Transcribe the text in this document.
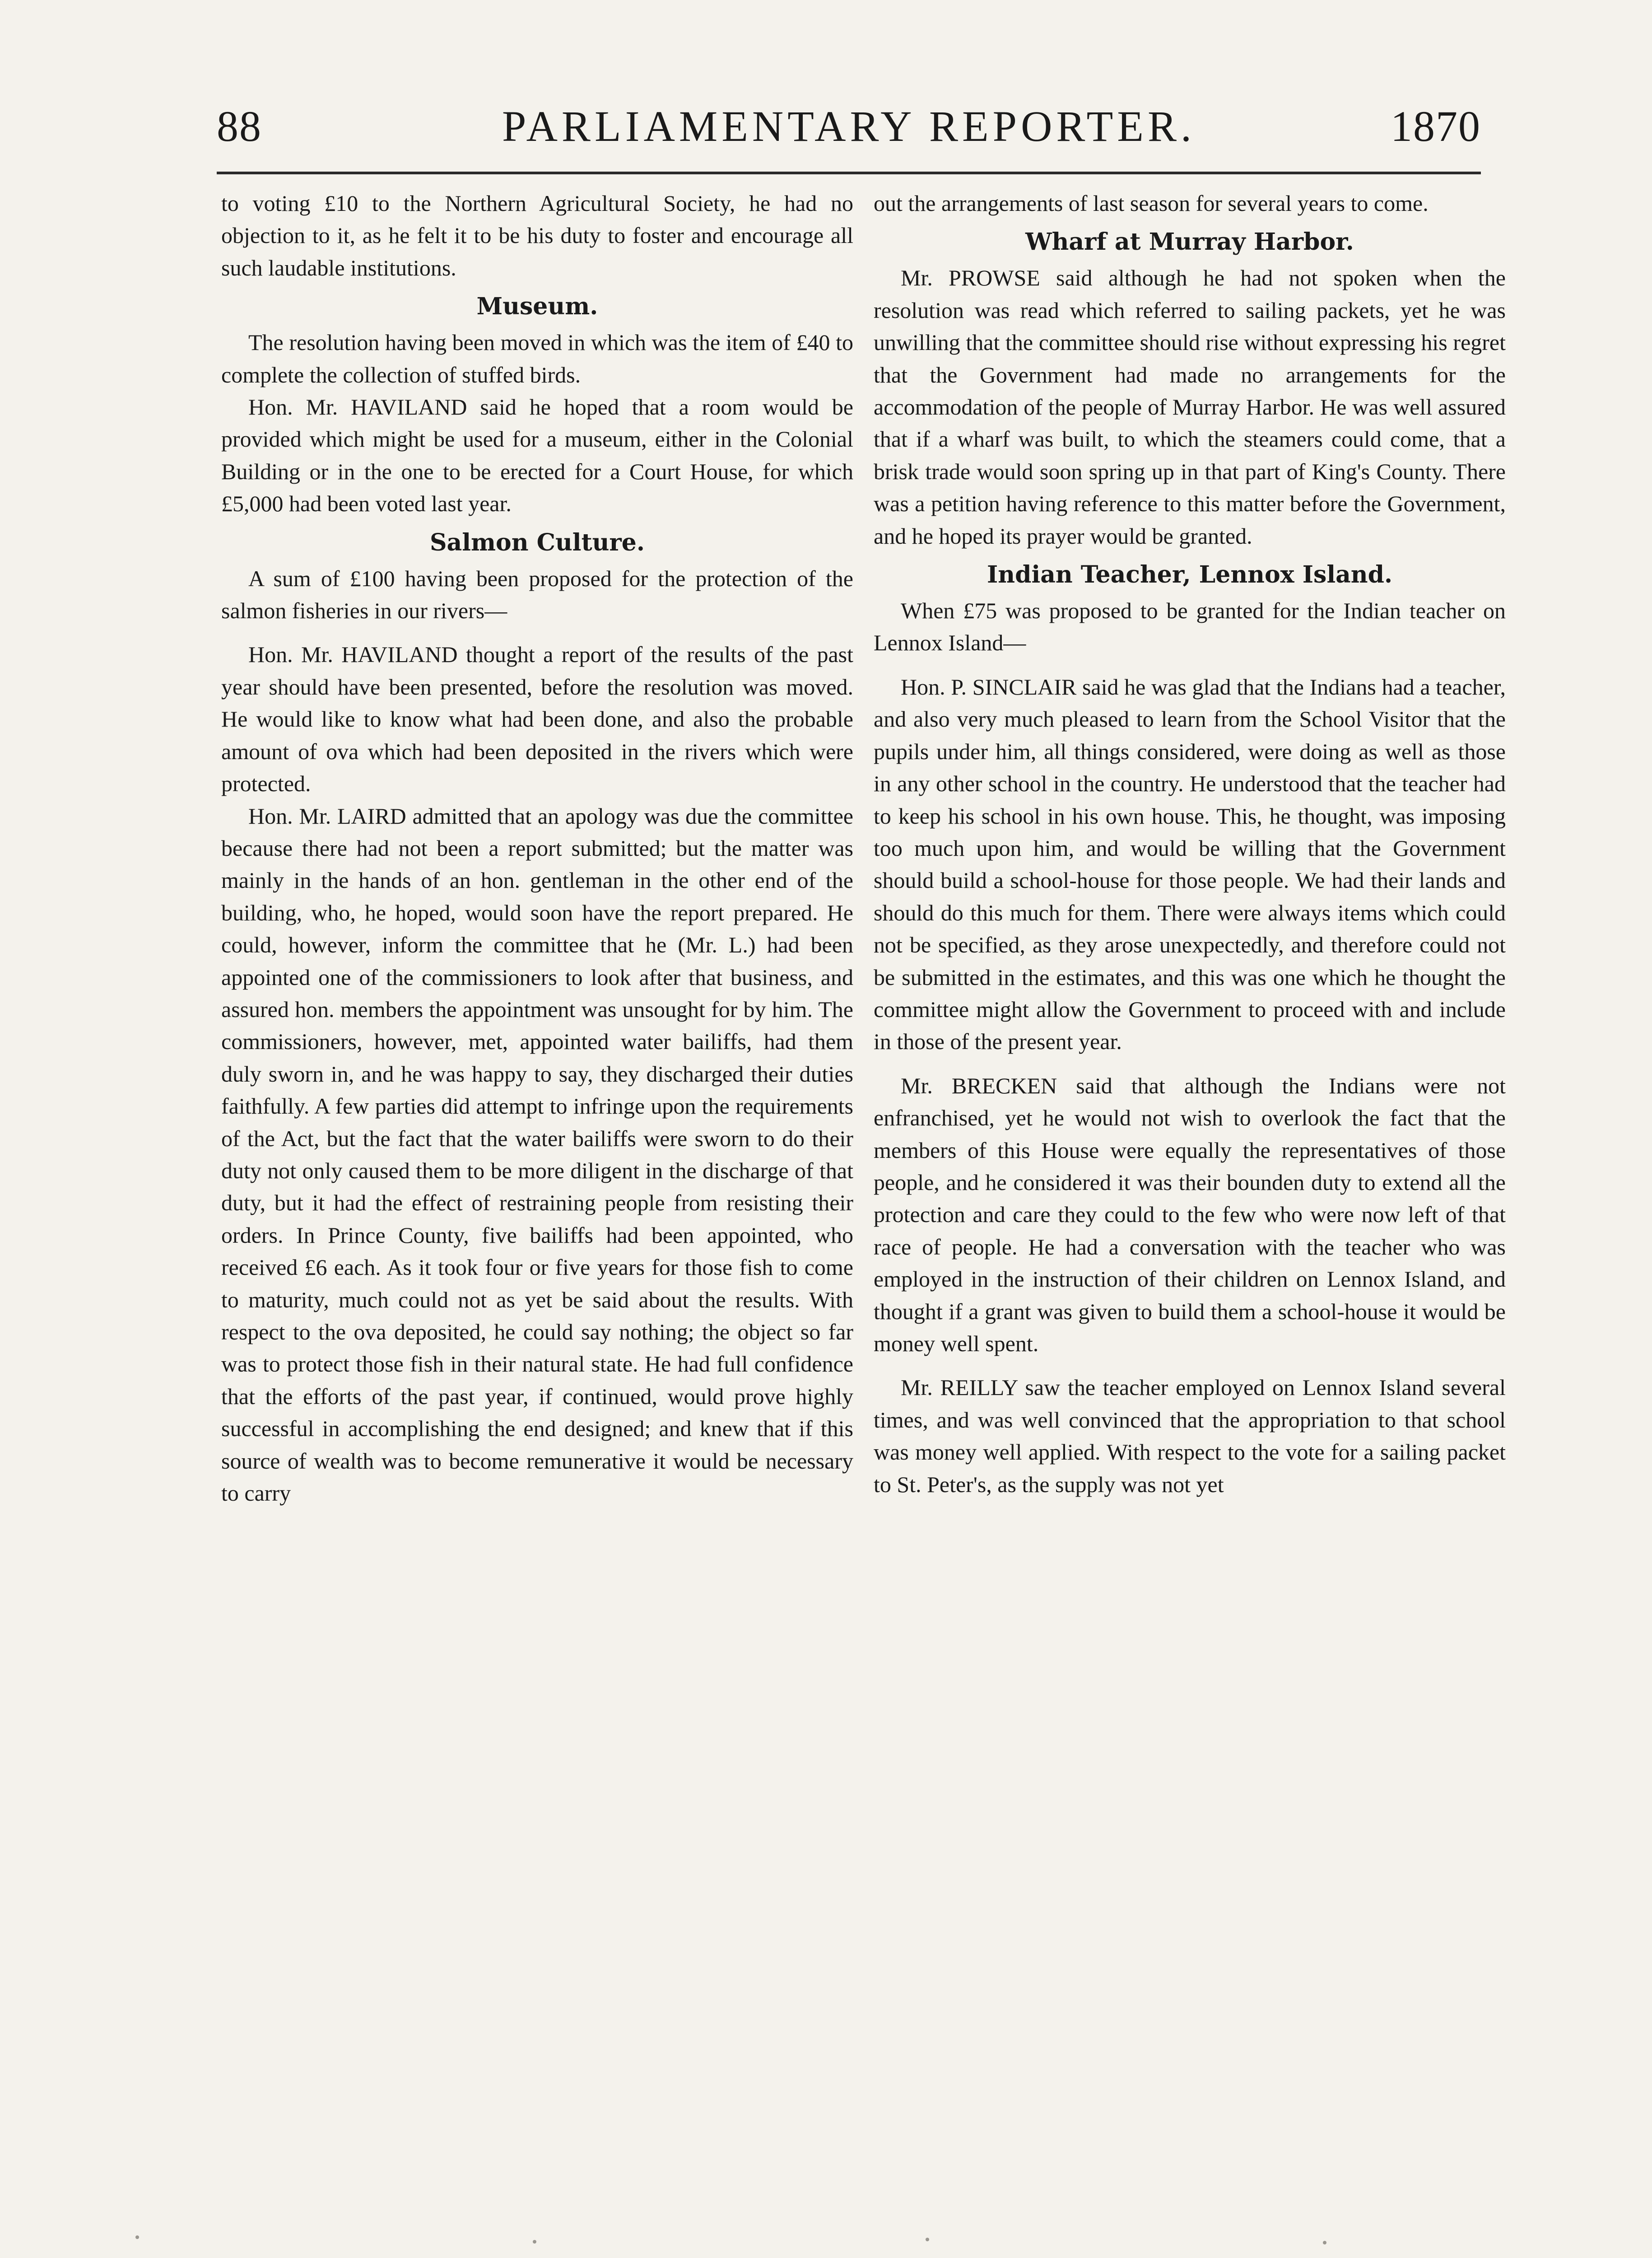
88	PARLIAMENTARY REPORTER.	1870

to voting £10 to the Northern Agricultural Society, he had no objection to it, as he felt it to be his duty to foster and encourage all such laudable institutions.

Museum.

The resolution having been moved in which was the item of £40 to complete the collection of stuffed birds.

Hon. Mr. HAVILAND said he hoped that a room would be provided which might be used for a museum, either in the Colonial Building or in the one to be erected for a Court House, for which £5,000 had been voted last year.

Salmon Culture.

A sum of £100 having been proposed for the protection of the salmon fisheries in our rivers—

Hon. Mr. HAVILAND thought a report of the results of the past year should have been presented, before the resolution was moved. He would like to know what had been done, and also the probable amount of ova which had been deposited in the rivers which were protected.

Hon. Mr. LAIRD admitted that an apology was due the committee because there had not been a report submitted; but the matter was mainly in the hands of an hon. gentleman in the other end of the building, who, he hoped, would soon have the report prepared. He could, however, inform the committee that he (Mr. L.) had been appointed one of the commissioners to look after that business, and assured hon. members the appointment was unsought for by him. The commissioners, however, met, appointed water bailiffs, had them duly sworn in, and he was happy to say, they discharged their duties faithfully. A few parties did attempt to infringe upon the requirements of the Act, but the fact that the water bailiffs were sworn to do their duty not only caused them to be more diligent in the discharge of that duty, but it had the effect of restraining people from resisting their orders. In Prince County, five bailiffs had been appointed, who received £6 each. As it took four or five years for those fish to come to maturity, much could not as yet be said about the results. With respect to the ova deposited, he could say nothing; the object so far was to protect those fish in their natural state. He had full confidence that the efforts of the past year, if continued, would prove highly successful in accomplishing the end designed; and knew that if this source of wealth was to become remunerative it would be necessary to carry

out the arrangements of last season for several years to come.

Wharf at Murray Harbor.

Mr. PROWSE said although he had not spoken when the resolution was read which referred to sailing packets, yet he was unwilling that the committee should rise without expressing his regret that the Government had made no arrangements for the accommodation of the people of Murray Harbor. He was well assured that if a wharf was built, to which the steamers could come, that a brisk trade would soon spring up in that part of King's County. There was a petition having reference to this matter before the Government, and he hoped its prayer would be granted.

Indian Teacher, Lennox Island.

When £75 was proposed to be granted for the Indian teacher on Lennox Island—

Hon. P. SINCLAIR said he was glad that the Indians had a teacher, and also very much pleased to learn from the School Visitor that the pupils under him, all things considered, were doing as well as those in any other school in the country. He understood that the teacher had to keep his school in his own house. This, he thought, was imposing too much upon him, and would be willing that the Government should build a school-house for those people. We had their lands and should do this much for them. There were always items which could not be specified, as they arose unexpectedly, and therefore could not be submitted in the estimates, and this was one which he thought the committee might allow the Government to proceed with and include in those of the present year.

Mr. BRECKEN said that although the Indians were not enfranchised, yet he would not wish to overlook the fact that the members of this House were equally the representatives of those people, and he considered it was their bounden duty to extend all the protection and care they could to the few who were now left of that race of people. He had a conversation with the teacher who was employed in the instruction of their children on Lennox Island, and thought if a grant was given to build them a school-house it would be money well spent.

Mr. REILLY saw the teacher employed on Lennox Island several times, and was well convinced that the appropriation to that school was money well applied. With respect to the vote for a sailing packet to St. Peter's, as the supply was not yet
